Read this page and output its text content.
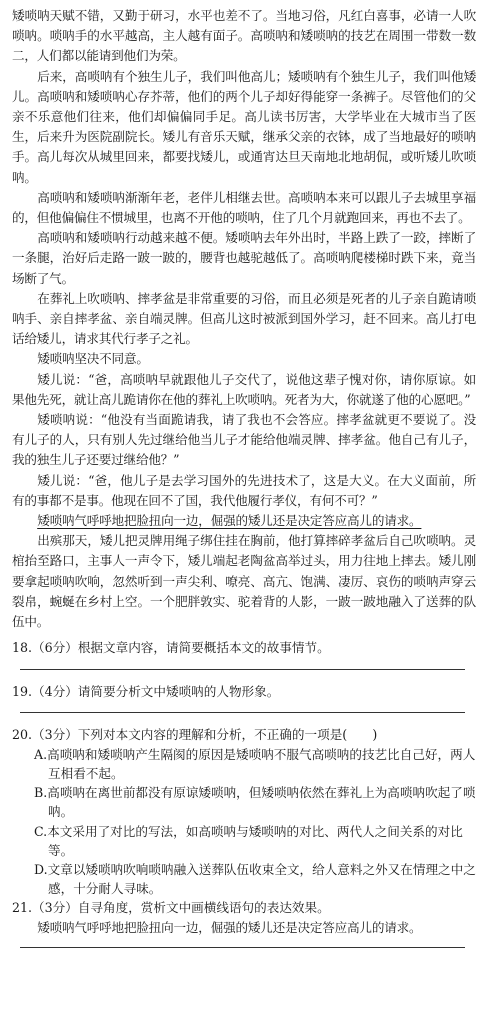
矮唢呐天赋不错，又勤于研习，水平也差不了。当地习俗，凡红白喜事，必请一人吹唢呐。唢呐手的水平越高，主人越有面子。高唢呐和矮唢呐的技艺在周围一带数一数二，人们都以能请到他们为荣。

后来，高唢呐有个独生儿子，我们叫他高儿；矮唢呐有个独生儿子，我们叫他矮儿。高唢呐和矮唢呐心存芥蒂，他们的两个儿子却好得能穿一条裤子。尽管他们的父亲不乐意他们往来，他们却偏偏同手足。高儿读书厉害，大学毕业在大城市当了医生，后来升为医院副院长。矮儿有音乐天赋，继承父亲的衣钵，成了当地最好的唢呐手。高儿每次从城里回来，都要找矮儿，或通宵达旦天南地北地胡侃，或听矮儿吹唢呐。

高唢呐和矮唢呐渐渐年老，老伴儿相继去世。高唢呐本来可以跟儿子去城里享福的，但他偏偏住不惯城里，也离不开他的唢呐，住了几个月就跑回来，再也不去了。

高唢呐和矮唢呐行动越来越不便。矮唢呐去年外出时，半路上跌了一跤，摔断了一条腿，治好后走路一跛一跛的，腰背也越驼越低了。高唢呐爬楼梯时跌下来，竟当场断了气。

在葬礼上吹唢呐、摔孝盆是非常重要的习俗，而且必须是死者的儿子亲自跪请唢呐手、亲自摔孝盆、亲自端灵牌。但高儿这时被派到国外学习，赶不回来。高儿打电话给矮儿，请求其代行孝子之礼。

矮唢呐坚决不同意。

矮儿说：“爸，高唢呐早就跟他儿子交代了，说他这辈子愧对你，请你原谅。如果他先死，就让高儿跪请你在他的葬礼上吹唢呐。死者为大，你就遂了他的心愿吧。”

矮唢呐说：“他没有当面跪请我，请了我也不会答应。摔孝盆就更不要说了。没有儿子的人，只有别人先过继给他当儿子才能给他端灵牌、摔孝盆。他自己有儿子，我的独生儿子还要过继给他？”

矮儿说：“爸，他儿子是去学习国外的先进技术了，这是大义。在大义面前，所有的事都不是事。他现在回不了国，我代他履行孝仪，有何不可？”

矮唢呐气呼呼地把脸扭向一边，倔强的矮儿还是决定答应高儿的请求。

出殡那天，矮儿把灵牌用绳子绑住挂在胸前，他打算摔碎孝盆后自己吹唢呐。灵棺抬至路口，主事人一声令下，矮儿端起老陶盆高举过头，用力往地上摔去。矮儿刚要拿起唢呐吹响，忽然听到一声尖利、嘹亮、高亢、饱满、凄厉、哀伤的唢呐声穿云裂帛，蜿蜒在乡村上空。一个肥胖敦实、驼着背的人影，一跛一跛地融入了送葬的队伍中。

18.（6分）根据文章内容，请简要概括本文的故事情节。

19.（4分）请简要分析文中矮唢呐的人物形象。

20.（3分）下列对本文内容的理解和分析，不正确的一项是(　　)

A.高唢呐和矮唢呐产生隔阂的原因是矮唢呐不服气高唢呐的技艺比自己好，两人互相看不起。

B.高唢呐在离世前都没有原谅矮唢呐，但矮唢呐依然在葬礼上为高唢呐吹起了唢呐。

C.本文采用了对比的写法，如高唢呐与矮唢呐的对比、两代人之间关系的对比等。

D.文章以矮唢呐吹响唢呐融入送葬队伍收束全文，给人意料之外又在情理之中之感，十分耐人寻味。

21.（3分）自寻角度，赏析文中画横线语句的表达效果。

矮唢呐气呼呼地把脸扭向一边，倔强的矮儿还是决定答应高儿的请求。
